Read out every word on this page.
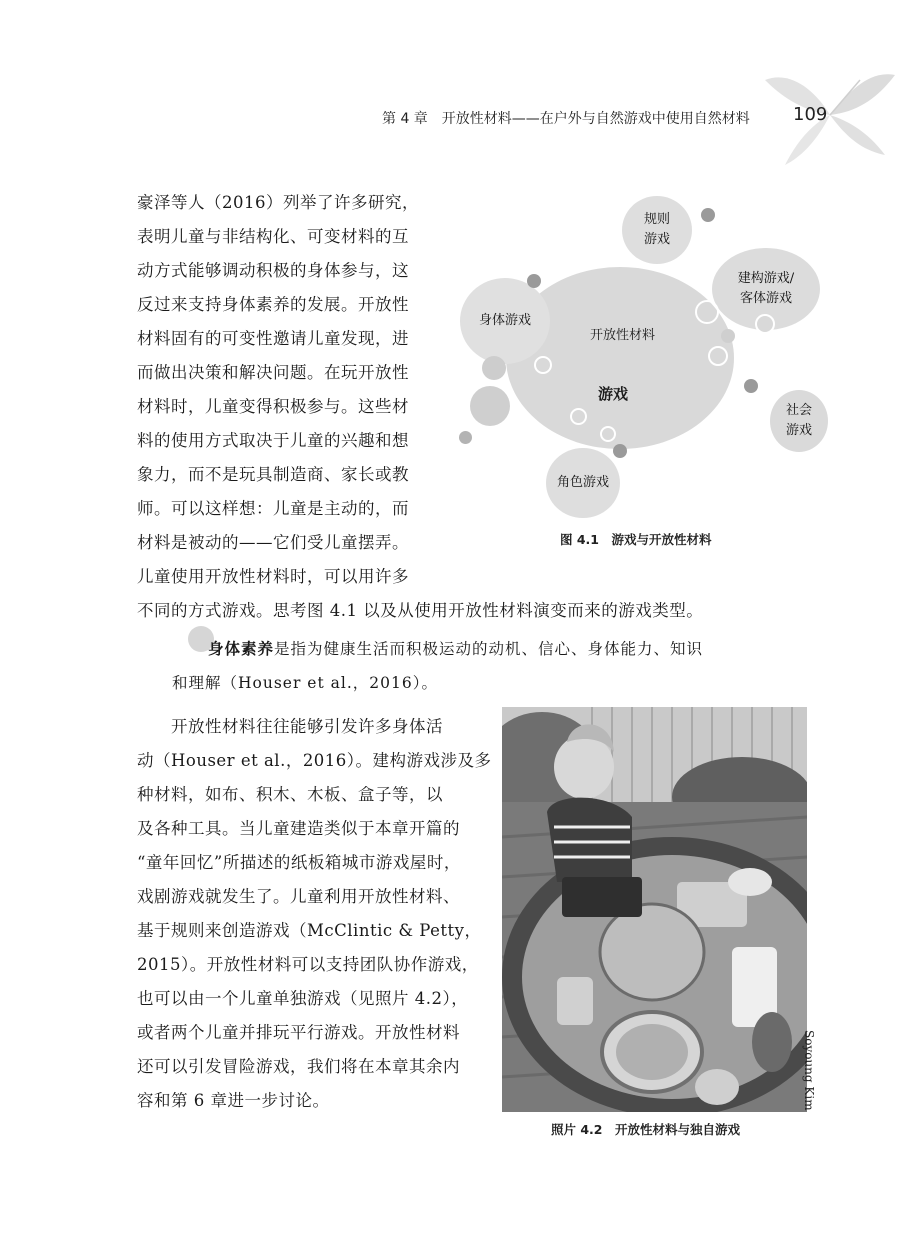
第 4 章　开放性材料——在户外与自然游戏中使用自然材料 109
豪泽等人（2016）列举了许多研究，
表明儿童与非结构化、可变材料的互
动方式能够调动积极的身体参与，这
反过来支持身体素养的发展。开放性
材料固有的可变性邀请儿童发现，进
而做出决策和解决问题。在玩开放性
材料时，儿童变得积极参与。这些材
料的使用方式取决于儿童的兴趣和想
象力，而不是玩具制造商、家长或教
师。可以这样想：儿童是主动的，而
材料是被动的——它们受儿童摆弄。
儿童使用开放性材料时，可以用许多
不同的方式游戏。思考图 4.1 以及从使用开放性材料演变而来的游戏类型。
开放性材料
游戏
规则
游戏
建构游戏/
客体游戏
身体游戏
社会
游戏
角色游戏
图 4.1　游戏与开放性材料
身体素养是指为健康生活而积极运动的动机、信心、身体能力、知识
和理解（Houser et al.，2016）。
开放性材料往往能够引发许多身体活
动（Houser et al.，2016）。建构游戏涉及多
种材料，如布、积木、木板、盒子等，以
及各种工具。当儿童建造类似于本章开篇的
“童年回忆”所描述的纸板箱城市游戏屋时，
戏剧游戏就发生了。儿童利用开放性材料、
基于规则来创造游戏（McClintic & Petty，
2015）。开放性材料可以支持团队协作游戏，
也可以由一个儿童单独游戏（见照片 4.2），
或者两个儿童并排玩平行游戏。开放性材料
还可以引发冒险游戏，我们将在本章其余内
容和第 6 章进一步讨论。	Soyoung Kim
照片 4.2　开放性材料与独自游戏
